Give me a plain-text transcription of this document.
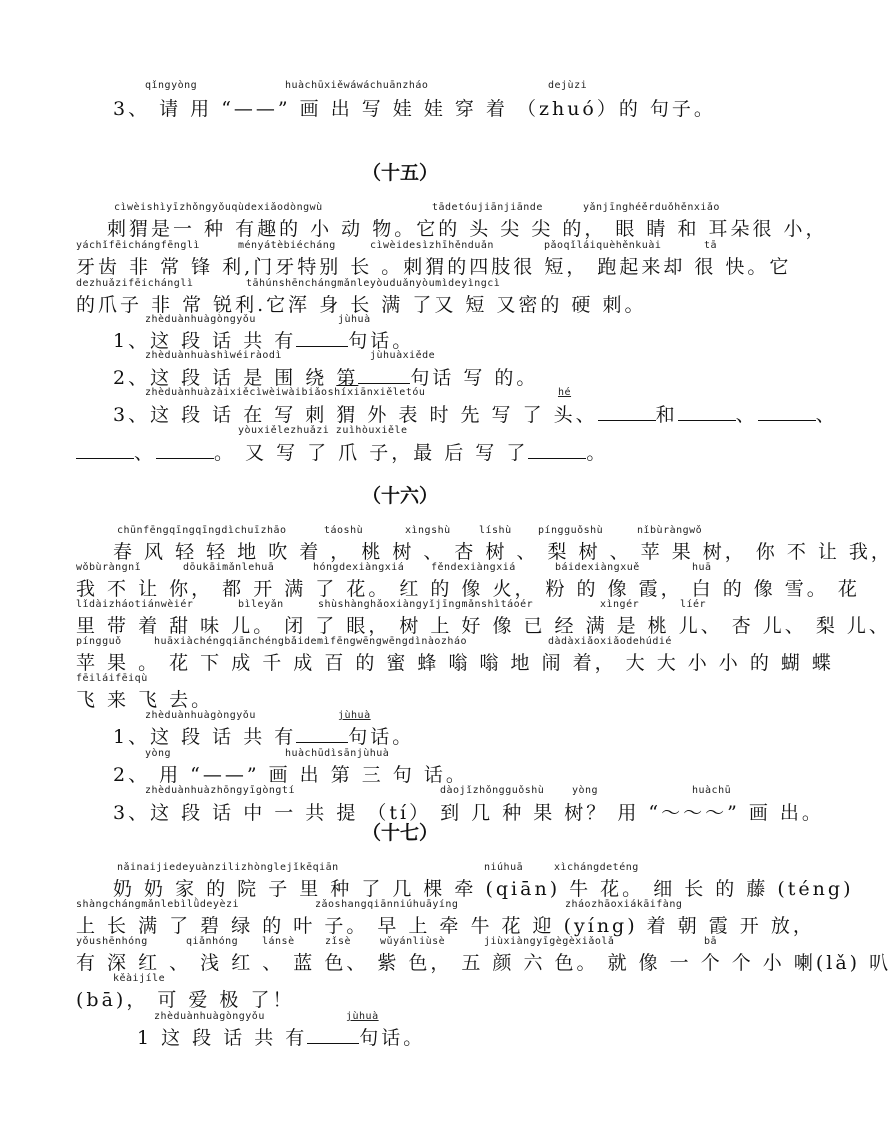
qǐngyòng	huàchūxiěwáwáchuānzháo	dejùzi
3、 请 用 “——” 画 出 写 娃 娃 穿 着 （zhuó）的 句子。
（十五）
cìwèishìyīzhǒngyǒuqùdexiǎodòngwù	tādetóujiānjiānde	yǎnjīnghéěrduǒhěnxiǎo
刺猬是一 种 有趣的 小 动 物。它的 头 尖 尖 的， 眼 睛 和 耳朵很 小，
yáchǐfēichángfēnglì	ményátèbiécháng	cìwèidesìzhīhěnduǎn	pǎoqǐláiquèhěnkuài	tā
牙齿 非 常 锋 利,门牙特别 长 。刺猬的四肢很 短， 跑起来却 很 快。它
dezhuǎzifēichánglì	tāhúnshēnchángmǎnleyòuduǎnyòumìdeyìngcì
的爪子 非 常 锐利.它浑 身 长 满 了又 短 又密的 硬 刺。
zhèduànhuàgòngyǒu	jùhuà
1、这 段 话 共 有	句话。
zhèduànhuàshìwéiràodì	jùhuàxiěde
2、这 段 话 是 围 绕 第	句话 写 的。
zhèduànhuàzàixiěcìwèiwàibiǎoshíxiānxiěletóu	hé
3、这 段 话 在 写 刺 猬 外 表 时 先 写 了 头、	和	、	、
yòuxiělezhuǎzi zuìhòuxiěle
、	。 又 写 了 爪 子，最 后 写 了	。
（十六）
chūnfēngqīngqīngdìchuīzhāo	táoshù	xìngshù	líshù	píngguǒshù	nǐbùràngwǒ
春 风 轻 轻 地 吹 着 ， 桃 树 、 杏 树 、 梨 树 、 苹 果 树， 你 不 让 我，
wǒbùràngnǐ	dōukāimǎnlehuā	hóngdexiàngxiá	fěndexiàngxiá	báidexiàngxuě	huā
我 不 让 你， 都 开 满 了 花。 红 的 像 火， 粉 的 像 霞， 白 的 像 雪。 花
lǐdàizháotiánwèiér	bìleyǎn	shùshànghǎoxiàngyǐjīngmǎnshìtáoér	xìngér	líér
里 带 着 甜 味 儿。 闭 了 眼， 树 上 好 像 已 经 满 是 桃 儿、 杏 儿、 梨 儿、
píngguǒ	huāxiàchéngqiānchéngbǎidemìfēngwēngwēngdìnàozháo	dàdàxiǎoxiǎodehúdié
苹 果 。 花 下 成 千 成 百 的 蜜 蜂 嗡 嗡 地 闹 着， 大 大 小 小 的 蝴 蝶
fēiláifēiqù
飞 来 飞 去。
zhèduànhuàgòngyǒu	jùhuà
1、这 段 话 共 有	句话。
yòng	huàchūdìsānjùhuà
2、 用 “——” 画 出 第 三 句 话。
zhèduànhuàzhōngyīgòngtí	dàojǐzhǒngguǒshù	yòng	huàchū
3、这 段 话 中 一 共 提 （tí） 到 几 种 果 树？ 用 “～～～” 画 出。
（十七）
nǎinaijiedeyuànzilizhònglejǐkēqiān	niúhuā	xìchángdeténg
奶 奶 家 的 院 子 里 种 了 几 棵 牵 (qiān) 牛 花。 细 长 的 藤 (téng)
shàngchángmǎnlebìlǜdeyèzi	zǎoshangqiānniúhuāyíng	zháozhāoxiákāifàng
上 长 满 了 碧 绿 的 叶 子。 早 上 牵 牛 花 迎 (yíng) 着 朝 霞 开 放，
yǒushēnhóng	qiǎnhóng lánsè	zǐsè	wǔyánliùsè	jiùxiàngyīgègèxiǎolǎ	bā
有 深 红 、 浅 红 、 蓝 色、 紫 色， 五 颜 六 色。 就 像 一 个 个 小 喇(lǎ) 叭
kěàijíle
(bā)， 可 爱 极 了！
zhèduànhuàgòngyǒu	jùhuà
1 这 段 话 共 有	句话。
